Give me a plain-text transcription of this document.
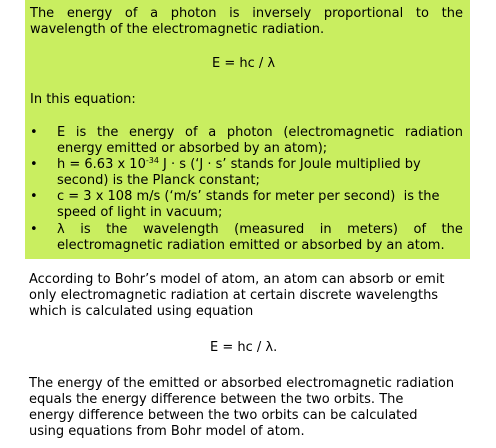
The energy of a photon is inversely proportional to the
wavelength of the electromagnetic radiation.
E = hc / λ
In this equation:
• E is the energy of a photon (electromagnetic radiation
energy emitted or absorbed by an atom);
• h = 6.63 x $10^{-34}$ J · s (‘J · s’ stands for Joule multiplied by
second) is the Planck constant;
• c = 3 x 108 m/s (‘m/s’ stands for meter per second)  is the
speed of light in vacuum;
• λ is the wavelength (measured in meters) of the
electromagnetic radiation emitted or absorbed by an atom.
According to Bohr’s model of atom, an atom can absorb or emit
only electromagnetic radiation at certain discrete wavelengths
which is calculated using equation
E = hc / λ.
The energy of the emitted or absorbed electromagnetic radiation
equals the energy difference between the two orbits. The
energy difference between the two orbits can be calculated
using equations from Bohr model of atom.
